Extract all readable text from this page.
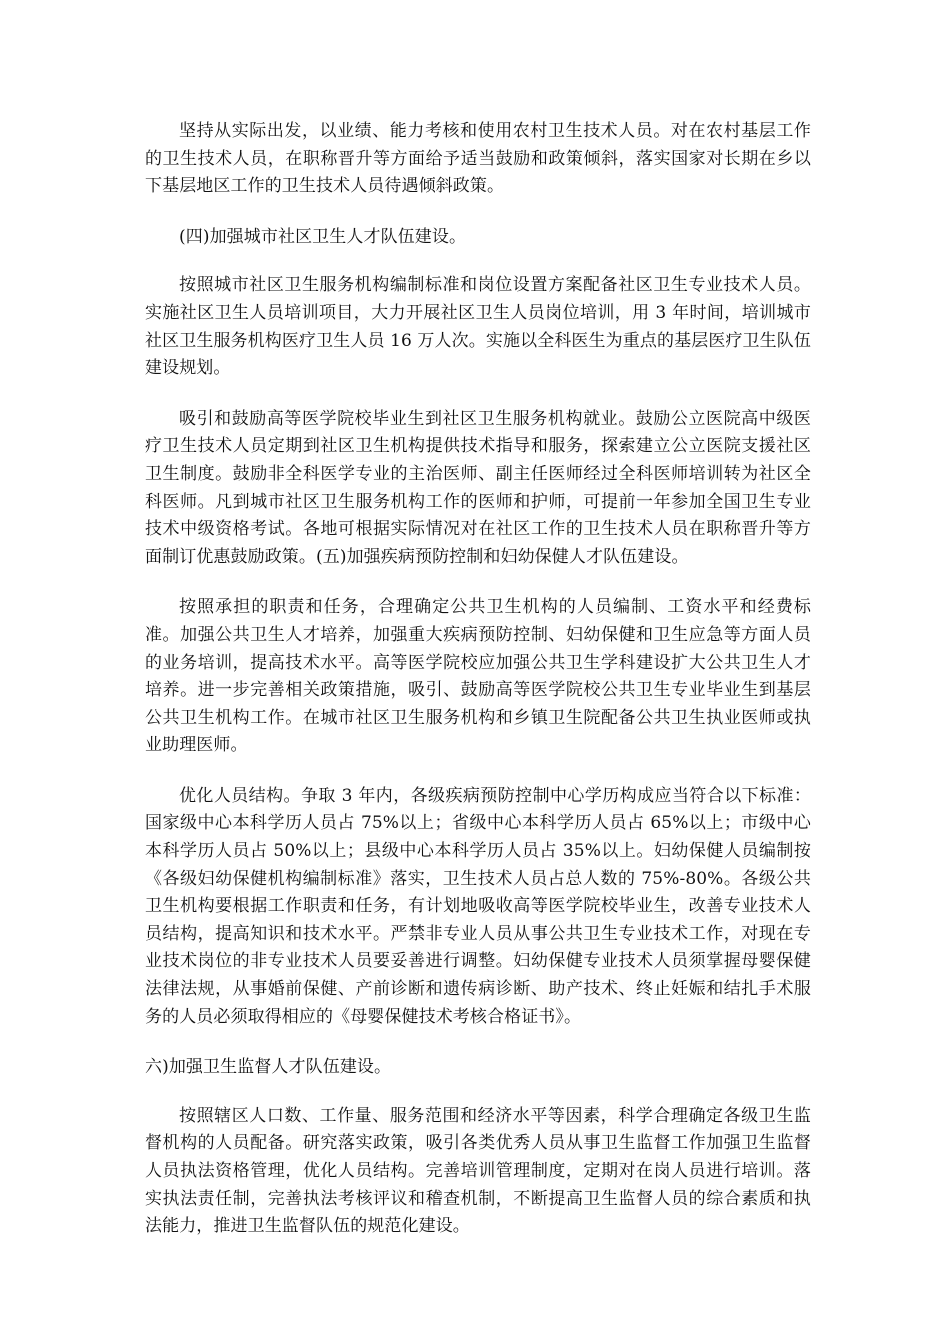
坚持从实际出发，以业绩、能力考核和使用农村卫生技术人员。对在农村基层工作的卫生技术人员，在职称晋升等方面给予适当鼓励和政策倾斜，落实国家对长期在乡以下基层地区工作的卫生技术人员待遇倾斜政策。

(四)加强城市社区卫生人才队伍建设。

按照城市社区卫生服务机构编制标准和岗位设置方案配备社区卫生专业技术人员。实施社区卫生人员培训项目，大力开展社区卫生人员岗位培训，用 3 年时间，培训城市社区卫生服务机构医疗卫生人员 16 万人次。实施以全科医生为重点的基层医疗卫生队伍建设规划。

吸引和鼓励高等医学院校毕业生到社区卫生服务机构就业。鼓励公立医院高中级医疗卫生技术人员定期到社区卫生机构提供技术指导和服务，探索建立公立医院支援社区卫生制度。鼓励非全科医学专业的主治医师、副主任医师经过全科医师培训转为社区全科医师。凡到城市社区卫生服务机构工作的医师和护师，可提前一年参加全国卫生专业技术中级资格考试。各地可根据实际情况对在社区工作的卫生技术人员在职称晋升等方面制订优惠鼓励政策。(五)加强疾病预防控制和妇幼保健人才队伍建设。

按照承担的职责和任务，合理确定公共卫生机构的人员编制、工资水平和经费标准。加强公共卫生人才培养，加强重大疾病预防控制、妇幼保健和卫生应急等方面人员的业务培训，提高技术水平。高等医学院校应加强公共卫生学科建设扩大公共卫生人才培养。进一步完善相关政策措施，吸引、鼓励高等医学院校公共卫生专业毕业生到基层公共卫生机构工作。在城市社区卫生服务机构和乡镇卫生院配备公共卫生执业医师或执业助理医师。

优化人员结构。争取 3 年内，各级疾病预防控制中心学历构成应当符合以下标准：国家级中心本科学历人员占 75%以上；省级中心本科学历人员占 65%以上；市级中心本科学历人员占 50%以上；县级中心本科学历人员占 35%以上。妇幼保健人员编制按《各级妇幼保健机构编制标准》落实，卫生技术人员占总人数的 75%-80%。各级公共卫生机构要根据工作职责和任务，有计划地吸收高等医学院校毕业生，改善专业技术人员结构，提高知识和技术水平。严禁非专业人员从事公共卫生专业技术工作，对现在专业技术岗位的非专业技术人员要妥善进行调整。妇幼保健专业技术人员须掌握母婴保健法律法规，从事婚前保健、产前诊断和遗传病诊断、助产技术、终止妊娠和结扎手术服务的人员必须取得相应的《母婴保健技术考核合格证书》。

六)加强卫生监督人才队伍建设。

按照辖区人口数、工作量、服务范围和经济水平等因素，科学合理确定各级卫生监督机构的人员配备。研究落实政策，吸引各类优秀人员从事卫生监督工作加强卫生监督人员执法资格管理，优化人员结构。完善培训管理制度，定期对在岗人员进行培训。落实执法责任制，完善执法考核评议和稽查机制，不断提高卫生监督人员的综合素质和执法能力，推进卫生监督队伍的规范化建设。
